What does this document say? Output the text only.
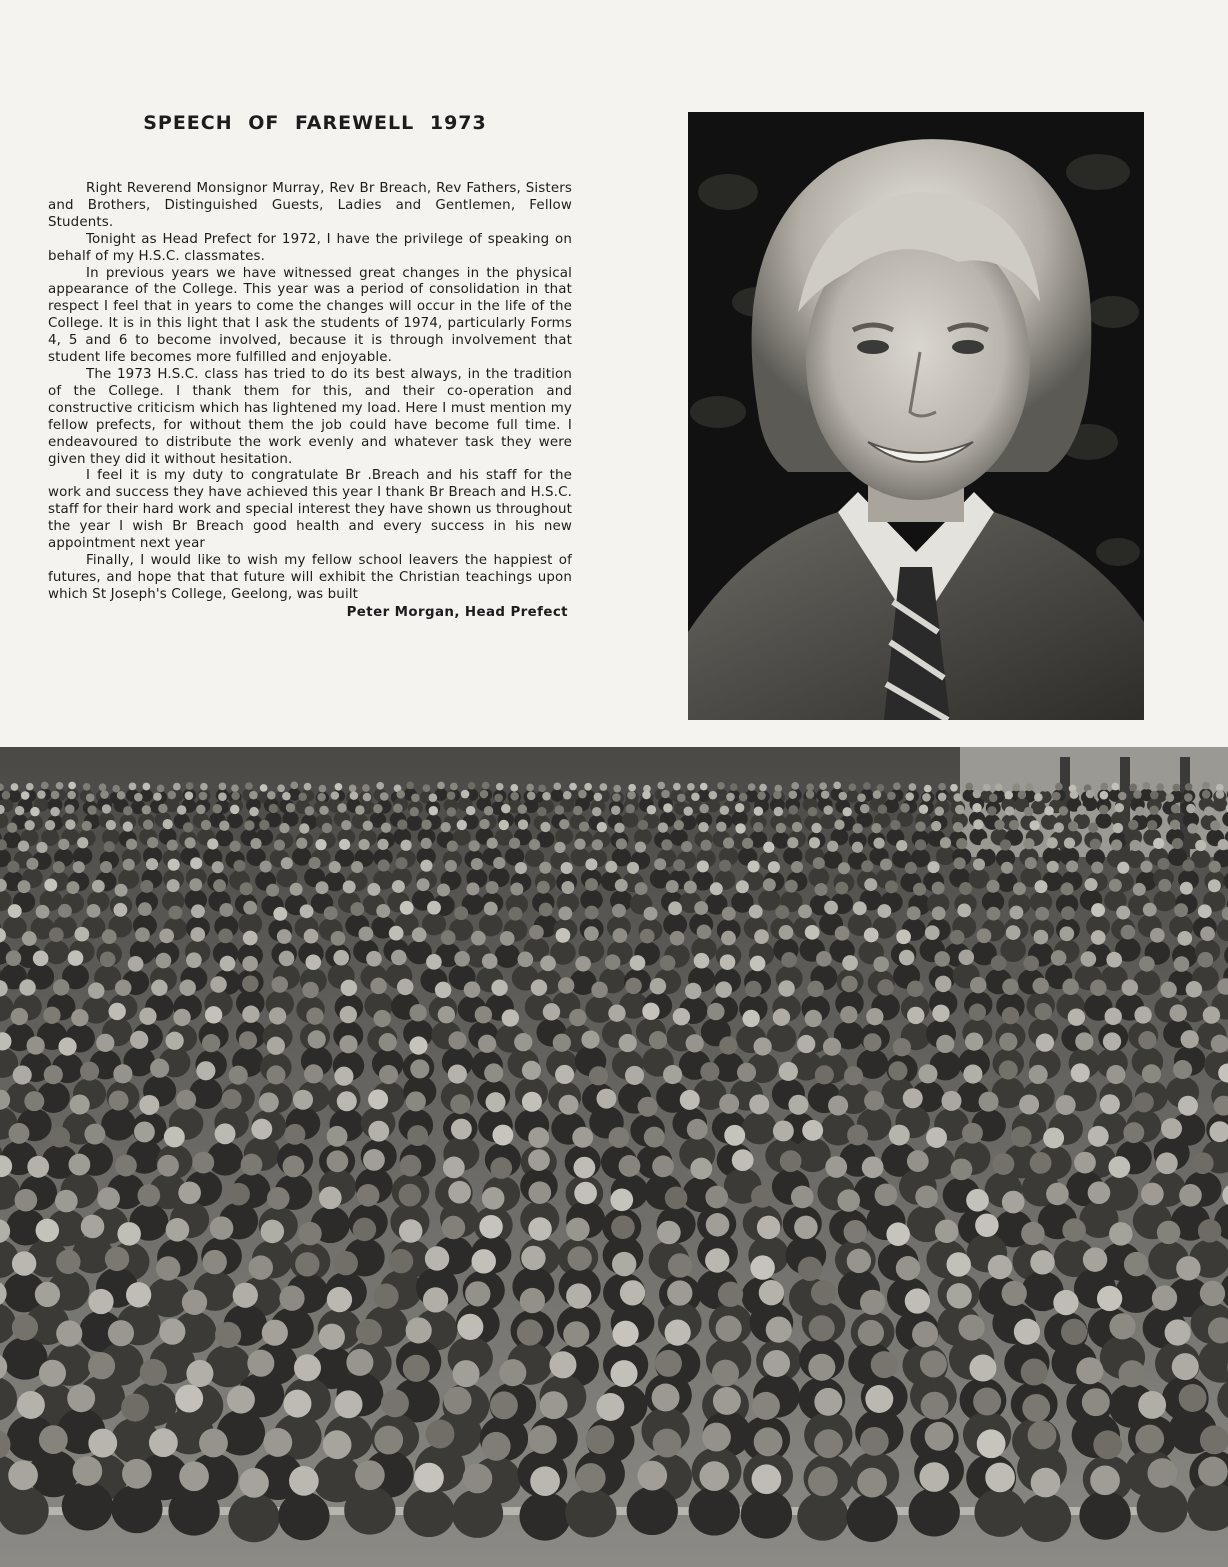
SPEECH OF FAREWELL 1973

Right Reverend Monsignor Murray, Rev Br Breach, Rev Fathers, Sisters and Brothers, Distinguished Guests, Ladies and Gentlemen, Fellow Students.

Tonight as Head Prefect for 1972, I have the privilege of speaking on behalf of my H.S.C. classmates.

In previous years we have witnessed great changes in the physical appearance of the College. This year was a period of consolidation in that respect I feel that in years to come the changes will occur in the life of the College. It is in this light that I ask the students of 1974, particularly Forms 4, 5 and 6 to become involved, because it is through involvement that student life becomes more fulfilled and enjoyable.

The 1973 H.S.C. class has tried to do its best always, in the tradition of the College. I thank them for this, and their co-operation and constructive criticism which has lightened my load. Here I must mention my fellow prefects, for without them the job could have become full time. I endeavoured to distribute the work evenly and whatever task they were given they did it without hesitation.

I feel it is my duty to congratulate Br .Breach and his staff for the work and success they have achieved this year I thank Br Breach and H.S.C. staff for their hard work and special interest they have shown us throughout the year I wish Br Breach good health and every success in his new appointment next year

Finally, I would like to wish my fellow school leavers the happiest of futures, and hope that that future will exhibit the Christian teachings upon which St Joseph's College, Geelong, was built

Peter Morgan, Head Prefect
